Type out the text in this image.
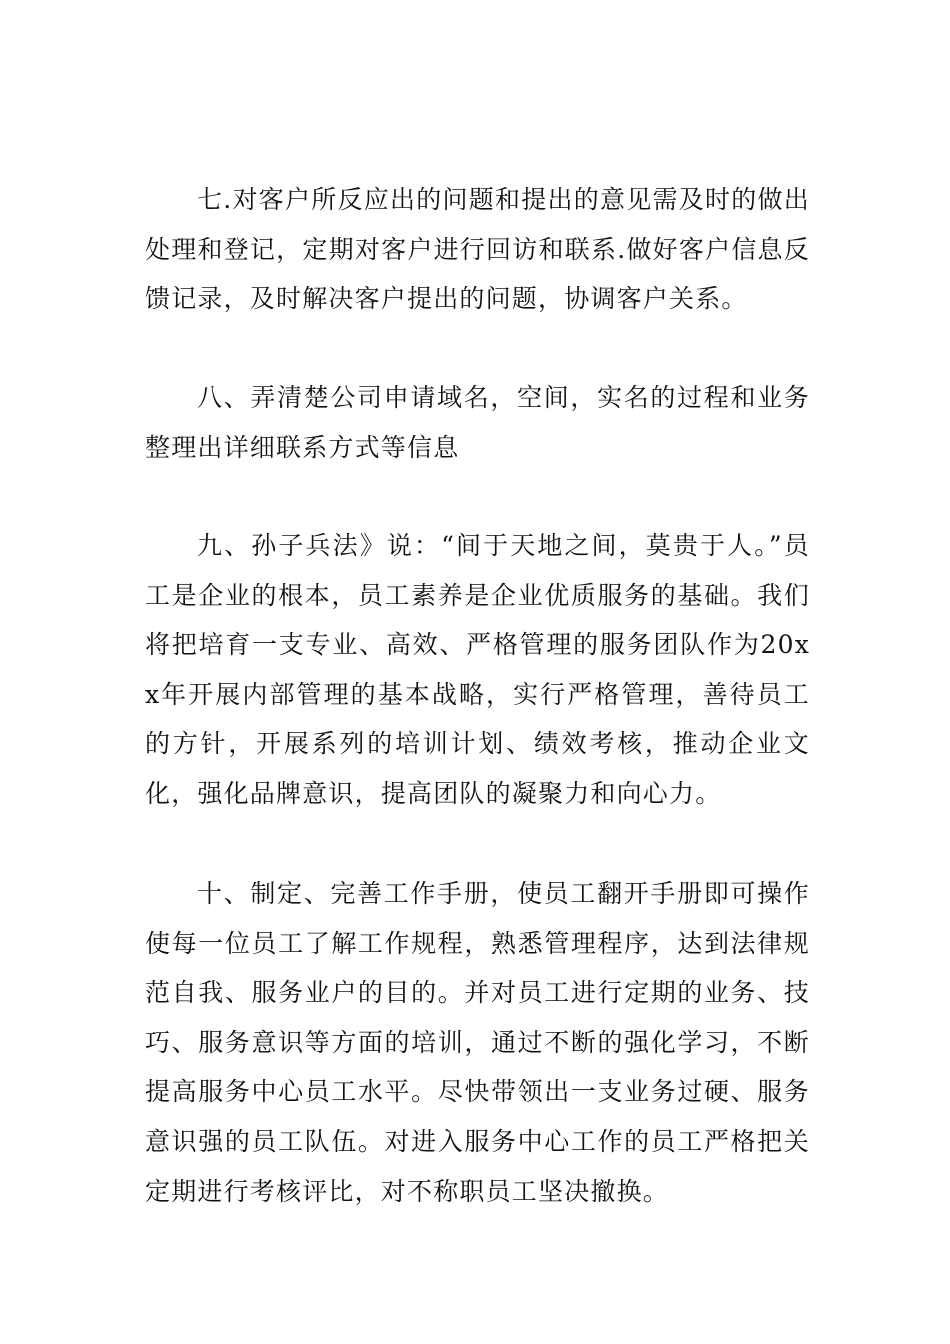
七.对客户所反应出的问题和提出的意见需及时的做出处理和登记，定期对客户进行回访和联系.做好客户信息反馈记录，及时解决客户提出的问题，协调客户关系。

八、弄清楚公司申请域名，空间，实名的过程和业务整理出详细联系方式等信息

九、孙子兵法》说：“间于天地之间，莫贵于人。”员工是企业的根本，员工素养是企业优质服务的基础。我们将把培育一支专业、高效、严格管理的服务团队作为20xx年开展内部管理的基本战略，实行严格管理，善待员工的方针，开展系列的培训计划、绩效考核，推动企业文化，强化品牌意识，提高团队的凝聚力和向心力。

十、制定、完善工作手册，使员工翻开手册即可操作使每一位员工了解工作规程，熟悉管理程序，达到法律规范自我、服务业户的目的。并对员工进行定期的业务、技巧、服务意识等方面的培训，通过不断的强化学习，不断提高服务中心员工水平。尽快带领出一支业务过硬、服务意识强的员工队伍。对进入服务中心工作的员工严格把关定期进行考核评比，对不称职员工坚决撤换。
